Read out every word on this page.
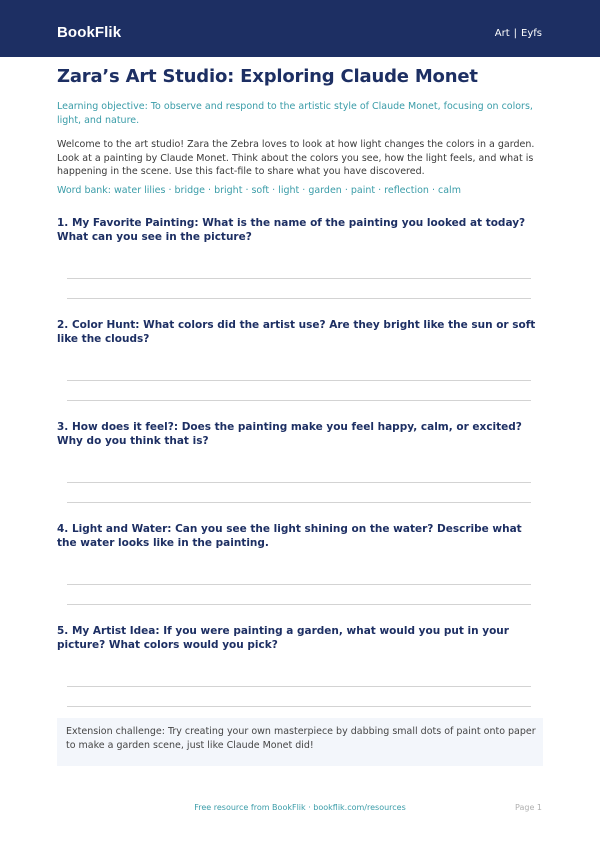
BookFlik	Art | Eyfs
Zara’s Art Studio: Exploring Claude Monet
Learning objective: To observe and respond to the artistic style of Claude Monet, focusing on colors, light, and nature.
Welcome to the art studio! Zara the Zebra loves to look at how light changes the colors in a garden. Look at a painting by Claude Monet. Think about the colors you see, how the light feels, and what is happening in the scene. Use this fact-file to share what you have discovered.
Word bank: water lilies · bridge · bright · soft · light · garden · paint · reflection · calm
1. My Favorite Painting: What is the name of the painting you looked at today? What can you see in the picture?
2. Color Hunt: What colors did the artist use? Are they bright like the sun or soft like the clouds?
3. How does it feel?: Does the painting make you feel happy, calm, or excited? Why do you think that is?
4. Light and Water: Can you see the light shining on the water? Describe what the water looks like in the painting.
5. My Artist Idea: If you were painting a garden, what would you put in your picture? What colors would you pick?
Extension challenge: Try creating your own masterpiece by dabbing small dots of paint onto paper to make a garden scene, just like Claude Monet did!
Free resource from BookFlik · bookflik.com/resources	Page 1
